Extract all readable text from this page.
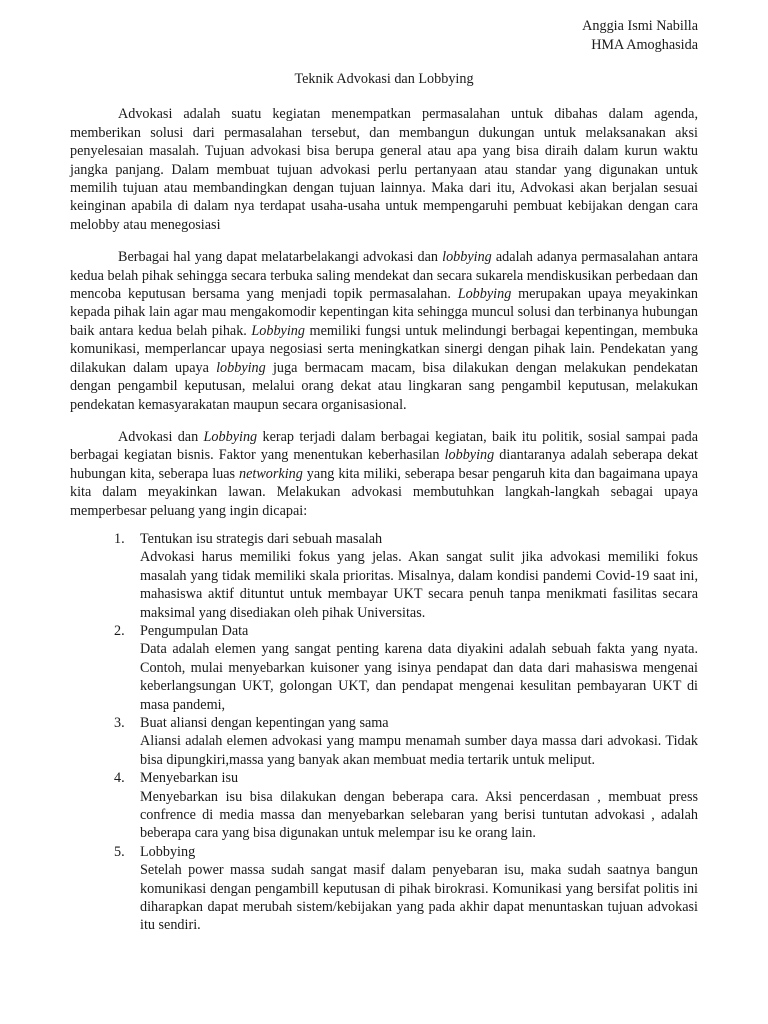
Anggia Ismi Nabilla
HMA Amoghasida
Teknik Advokasi dan Lobbying

Advokasi adalah suatu kegiatan menempatkan permasalahan untuk dibahas dalam agenda, memberikan solusi dari permasalahan tersebut, dan membangun dukungan untuk melaksanakan aksi penyelesaian masalah. Tujuan advokasi bisa berupa general atau apa yang bisa diraih dalam kurun waktu jangka panjang. Dalam membuat tujuan advokasi perlu pertanyaan atau standar yang digunakan untuk memilih tujuan atau membandingkan dengan tujuan lainnya. Maka dari itu, Advokasi akan berjalan sesuai keinginan apabila di dalam nya terdapat usaha-usaha untuk mempengaruhi pembuat kebijakan dengan cara melobby atau menegosiasi

Berbagai hal yang dapat melatarbelakangi advokasi dan lobbying adalah adanya permasalahan antara kedua belah pihak sehingga secara terbuka saling mendekat dan secara sukarela mendiskusikan perbedaan dan mencoba keputusan bersama yang menjadi topik permasalahan. Lobbying merupakan upaya meyakinkan kepada pihak lain agar mau mengakomodir kepentingan kita sehingga muncul solusi dan terbinanya hubungan baik antara kedua belah pihak. Lobbying memiliki fungsi untuk melindungi berbagai kepentingan, membuka komunikasi, memperlancar upaya negosiasi serta meningkatkan sinergi dengan pihak lain. Pendekatan yang dilakukan dalam upaya lobbying juga bermacam macam, bisa dilakukan dengan melakukan pendekatan dengan pengambil keputusan, melalui orang dekat atau lingkaran sang pengambil keputusan, melakukan pendekatan kemasyarakatan maupun secara organisasional.

Advokasi dan Lobbying kerap terjadi dalam berbagai kegiatan, baik itu politik, sosial sampai pada berbagai kegiatan bisnis. Faktor yang menentukan keberhasilan lobbying diantaranya adalah seberapa dekat hubungan kita, seberapa luas networking yang kita miliki, seberapa besar pengaruh kita dan bagaimana upaya kita dalam meyakinkan lawan. Melakukan advokasi membutuhkan langkah-langkah sebagai upaya memperbesar peluang yang ingin dicapai:

1. Tentukan isu strategis dari sebuah masalah
Advokasi harus memiliki fokus yang jelas. Akan sangat sulit jika advokasi memiliki fokus masalah yang tidak memiliki skala prioritas. Misalnya, dalam kondisi pandemi Covid-19 saat ini, mahasiswa aktif dituntut untuk membayar UKT secara penuh tanpa menikmati fasilitas secara maksimal yang disediakan oleh pihak Universitas.
2. Pengumpulan Data
Data adalah elemen yang sangat penting karena data diyakini adalah sebuah fakta yang nyata. Contoh, mulai menyebarkan kuisoner yang isinya pendapat dan data dari mahasiswa mengenai keberlangsungan UKT, golongan UKT, dan pendapat mengenai kesulitan pembayaran UKT di masa pandemi,
3. Buat aliansi dengan kepentingan yang sama
Aliansi adalah elemen advokasi yang mampu menamah sumber daya massa dari advokasi. Tidak bisa dipungkiri,massa yang banyak akan membuat media tertarik untuk meliput.
4. Menyebarkan isu
Menyebarkan isu bisa dilakukan dengan beberapa cara. Aksi pencerdasan , membuat press confrence di media massa dan menyebarkan selebaran yang berisi tuntutan advokasi , adalah beberapa cara yang bisa digunakan untuk melempar isu ke orang lain.
5. Lobbying
Setelah power massa sudah sangat masif dalam penyebaran isu, maka sudah saatnya bangun komunikasi dengan pengambill keputusan di pihak birokrasi. Komunikasi yang bersifat politis ini diharapkan dapat merubah sistem/kebijakan yang pada akhir dapat menuntaskan tujuan advokasi itu sendiri.
